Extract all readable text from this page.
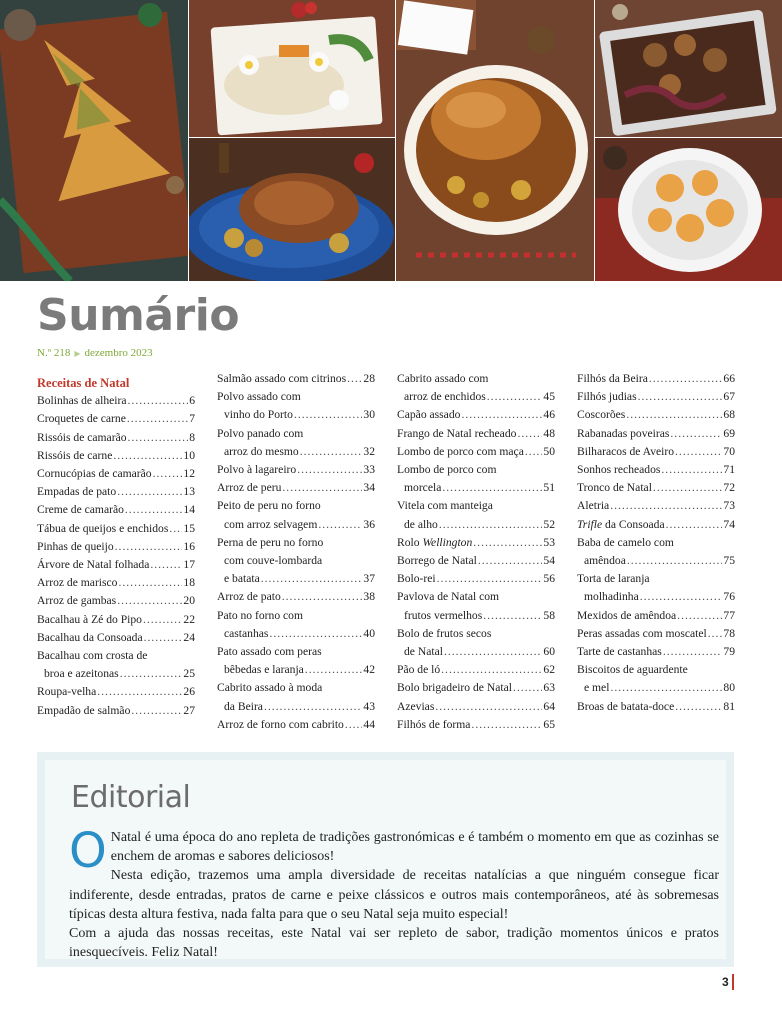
Sumário
N.º 218 ▶ dezembro 2023
Receitas de Natal
Bolinhas de alheira .....	6
Croquetes de carne .....	7
Rissóis de camarão .....	8
Rissóis de carne .....	10
Cornucópias de camarão .....	12
Empadas de pato .....	13
Creme de camarão .....	14
Tábua de queijos e enchidos ..... 15
Pinhas de queijo .....	16
Árvore de Natal folhada .....	17
Arroz de marisco .....	18
Arroz de gambas .....	20
Bacalhau à Zé do Pipo .....	22
Bacalhau da Consoada .....	24
Bacalhau com crosta de
broa e azeitonas .....	25
Roupa-velha .....	26
Empadão de salmão .....	27
Salmão assado com citrinos ..... 28
Polvo assado com
vinho do Porto .....	30
Polvo panado com
arroz do mesmo .....	32
Polvo à lagareiro .....	33
Arroz de peru .....	34
Peito de peru no forno
com arroz selvagem .....	36
Perna de peru no forno
com couve-lombarda
e batata .....	37
Arroz de pato .....	38
Pato no forno com
castanhas .....	40
Pato assado com peras
bêbedas e laranja .....	42
Cabrito assado à moda
da Beira .....	43
Arroz de forno com cabrito ..... 44
Cabrito assado com
arroz de enchidos .....	45
Capão assado .....	46
Frango de Natal recheado ..... 48
Lombo de porco com maça ..... 50
Lombo de porco com
morcela .....	51
Vitela com manteiga
de alho .....	52
Rolo Wellington .....	53
Borrego de Natal .....	54
Bolo-rei .....	56
Pavlova de Natal com
frutos vermelhos .....	58
Bolo de frutos secos
de Natal .....	60
Pão de ló .....	62
Bolo brigadeiro de Natal .....	63
Azevias .....	64
Filhós de forma .....	65
Filhós da Beira .....	66
Filhós judias .....	67
Coscorões .....	68
Rabanadas poveiras .....	69
Bilharacos de Aveiro .....	70
Sonhos recheados .....	71
Tronco de Natal .....	72
Aletria .....	73
Trifle da Consoada .....	74
Baba de camelo com
amêndoa .....	75
Torta de laranja
molhadinha .....	76
Mexidos de amêndoa .....	77
Peras assadas com moscatel ..... 78
Tarte de castanhas .....	79
Biscoitos de aguardente
e mel .....	80
Broas de batata-doce .....	81
Editorial
O Natal é uma época do ano repleta de tradições gastronómicas e é também o momento em que as cozinhas se enchem de aromas e sabores deliciosos!
Nesta edição, trazemos uma ampla diversidade de receitas natalícias a que ninguém consegue ficar indiferente, desde entradas, pratos de carne e peixe clássicos e outros mais contemporâneos, até às sobremesas típicas desta altura festiva, nada falta para que o seu Natal seja muito especial!
Com a ajuda das nossas receitas, este Natal vai ser repleto de sabor, tradição momentos únicos e pratos inesquecíveis. Feliz Natal!
3
